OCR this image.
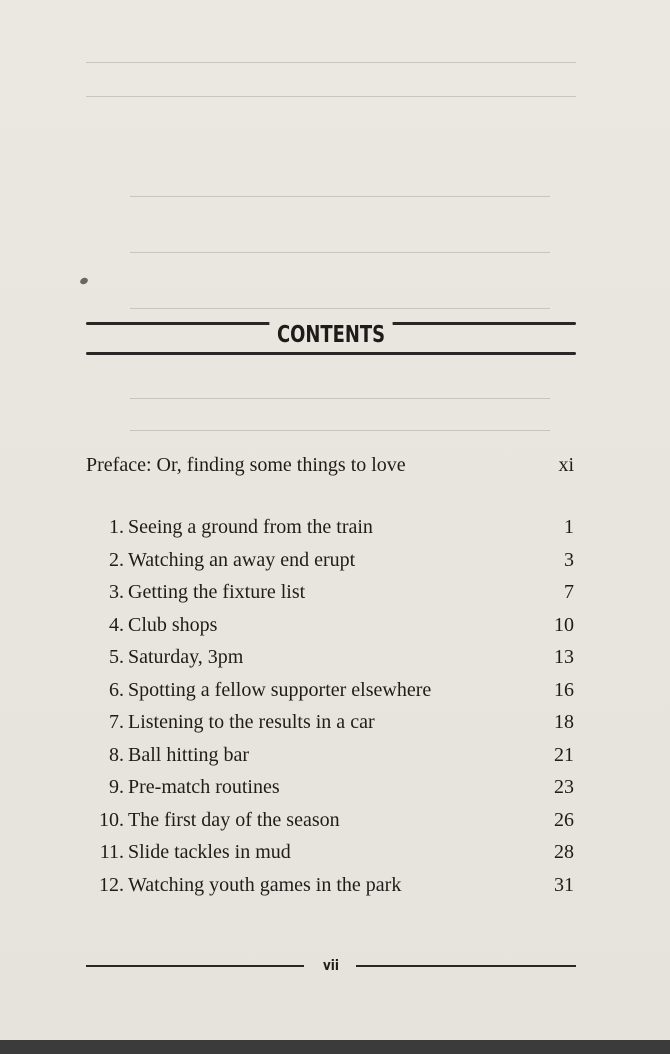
CONTENTS
Preface: Or, finding some things to love	xi
1. Seeing a ground from the train	1
2. Watching an away end erupt	3
3. Getting the fixture list	7
4. Club shops	10
5. Saturday, 3pm	13
6. Spotting a fellow supporter elsewhere	16
7. Listening to the results in a car	18
8. Ball hitting bar	21
9. Pre-match routines	23
10. The first day of the season	26
11. Slide tackles in mud	28
12. Watching youth games in the park	31
vii
